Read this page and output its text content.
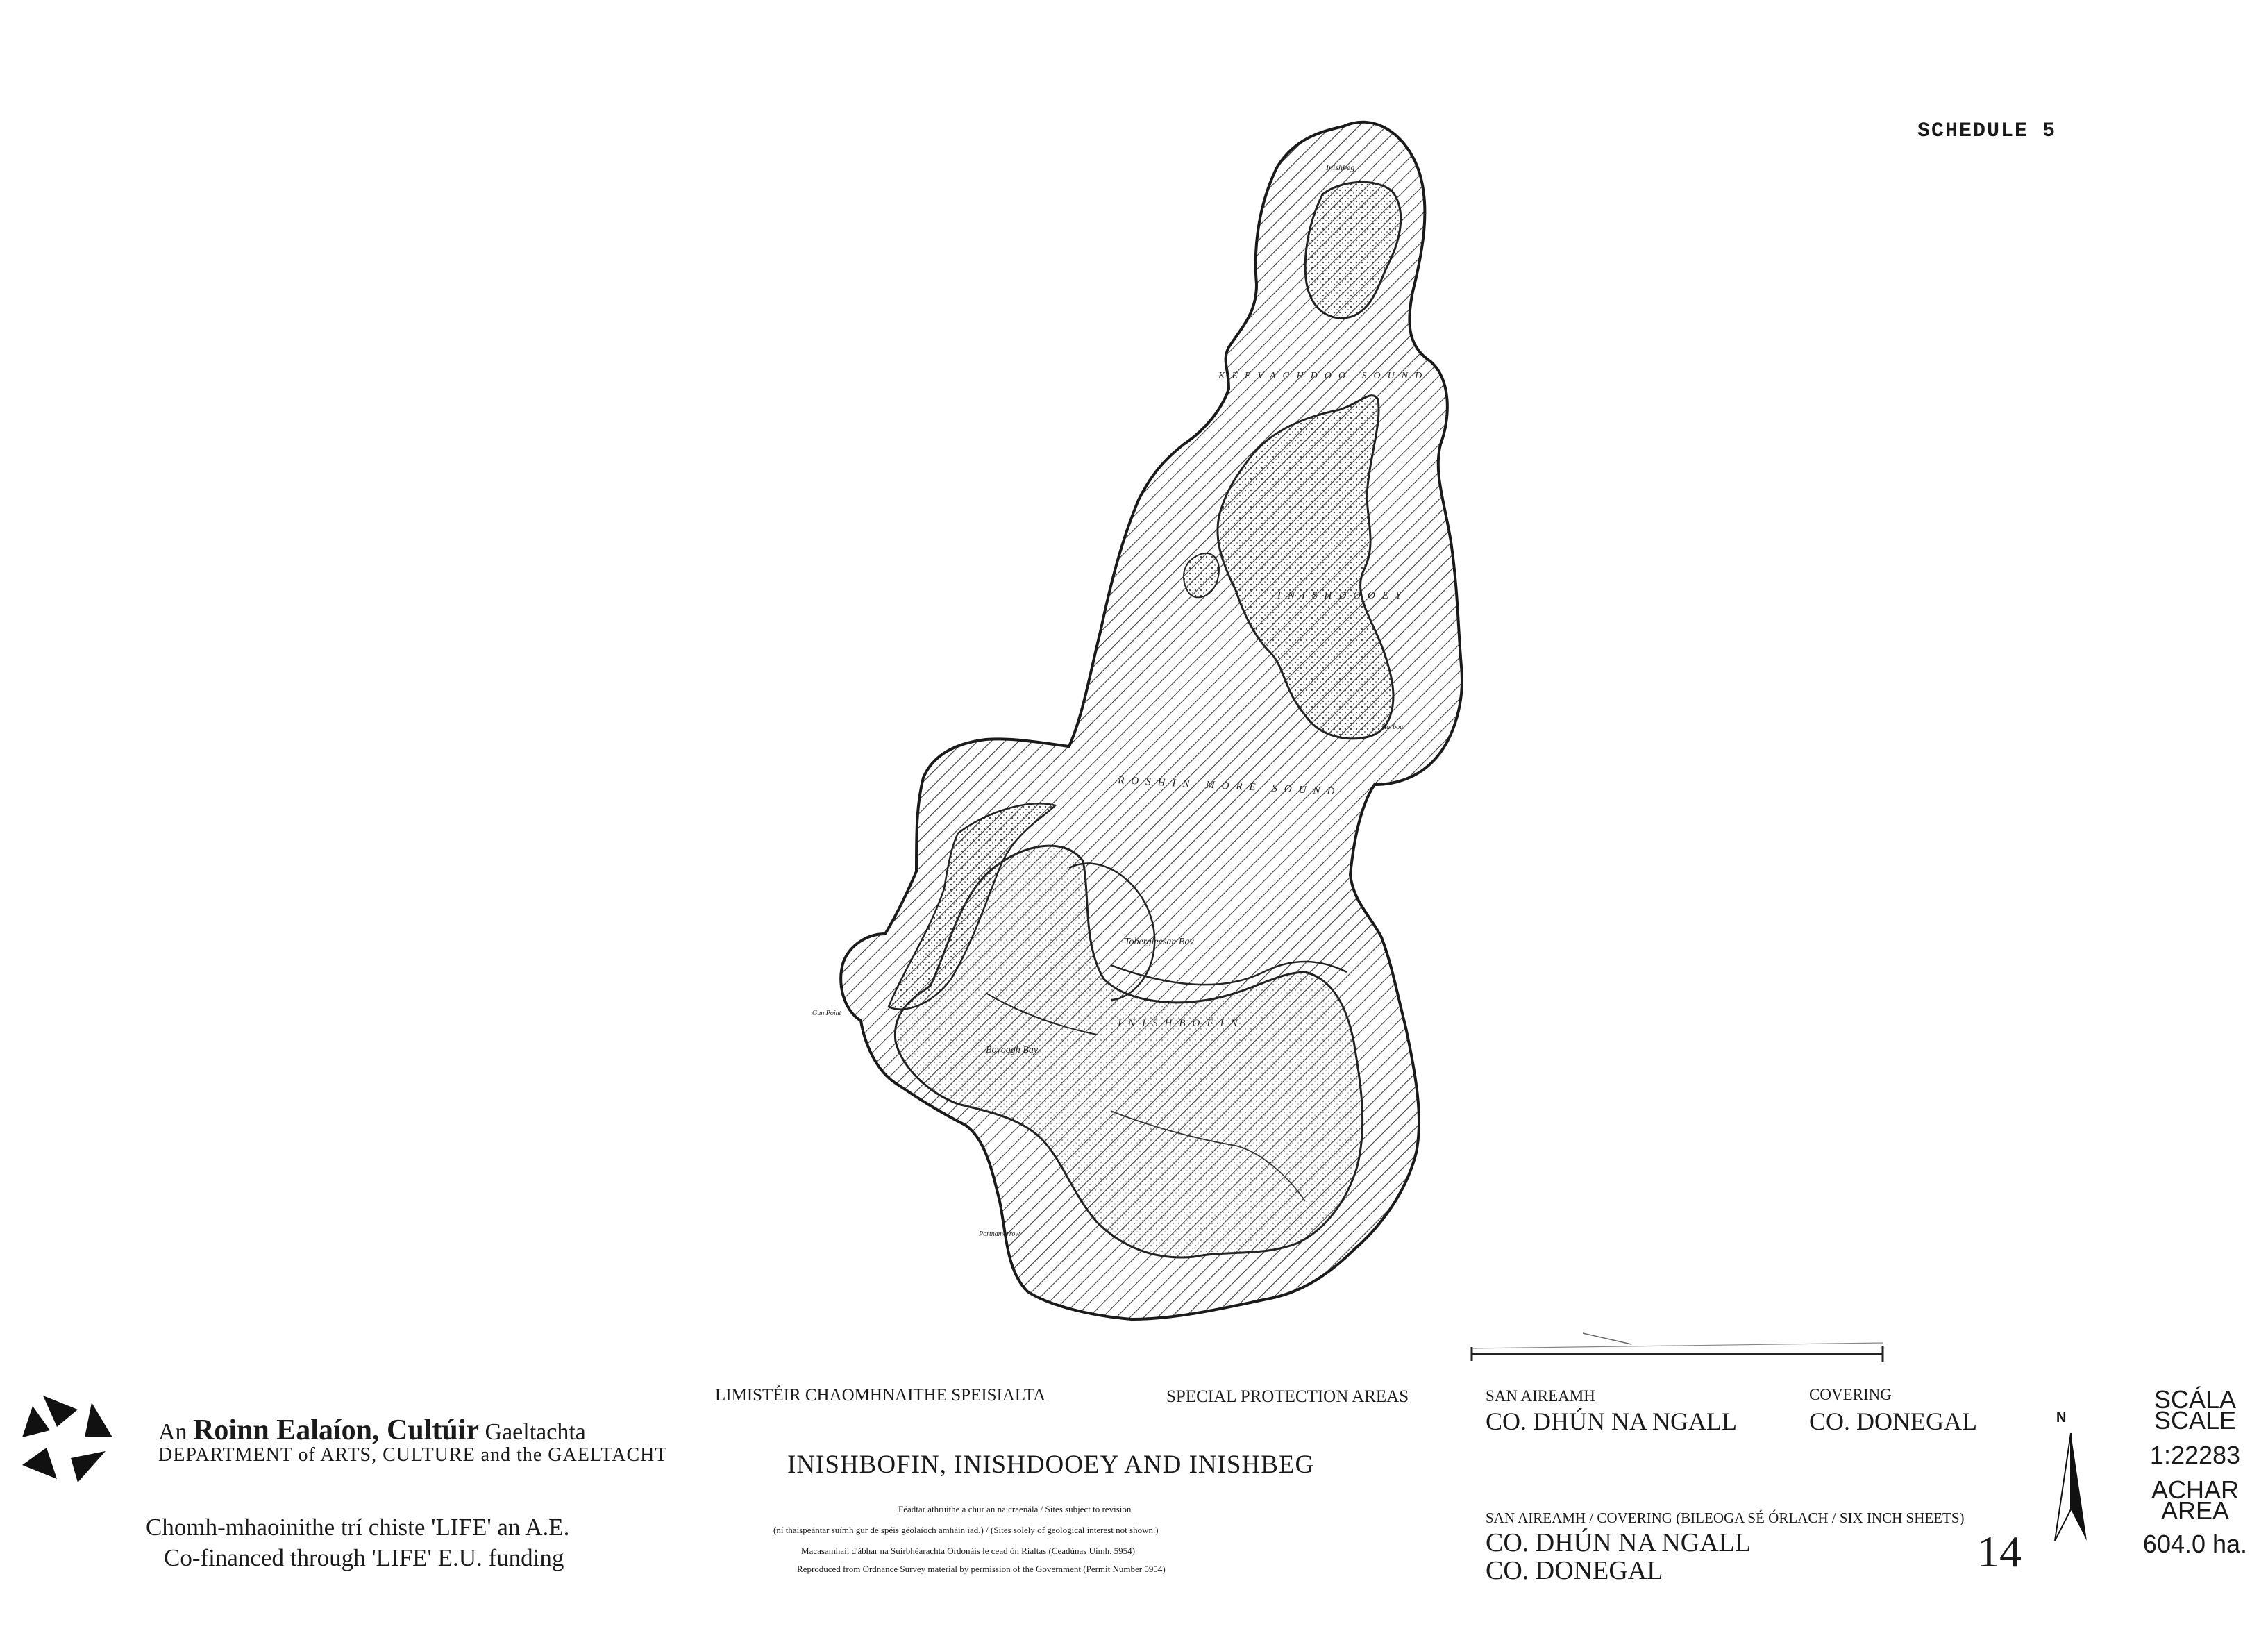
SCHEDULE 5
KEEVAGHDOO SOUND
ROSHIN MORE SOUND
INISHDOOEY
INISHBOFIN
Tobergleesan Bay
Bovoogh Bay
Inishbeg
Gun Point
Harbour
Portnamorrow
An Roinn Ealaíon, Cultúir Gaeltachta
DEPARTMENT of ARTS, CULTURE and the GAELTACHT
Chomh-mhaoinithe trí chiste 'LIFE' an A.E.
Co-financed through 'LIFE' E.U. funding
LIMISTÉIR CHAOMHNAITHE SPEISIALTA	SPECIAL PROTECTION AREAS
INISHBOFIN, INISHDOOEY AND INISHBEG
Féadtar athruithe a chur an na craenála / Sites subject to revision
(ní thaispeántar suímh gur de spéis géolaíoch amháin iad.) / (Sites solely of geological interest not shown.)
Macasamhail d'ábhar na Suirbhéarachta Ordonáis le cead ón Rialtas (Ceadúnas Uimh. 5954)
Reproduced from Ordnance Survey material by permission of the Government (Permit Number 5954)
SAN AIREAMH
CO. DHÚN NA NGALL
COVERING
CO. DONEGAL
SAN AIREAMH / COVERING (BILEOGA SÉ ÓRLACH / SIX INCH SHEETS)
CO. DHÚN NA NGALL
CO. DONEGAL	14
N
SCÁLA
SCALE
1:22283
ACHAR
AREA
604.0 ha.
